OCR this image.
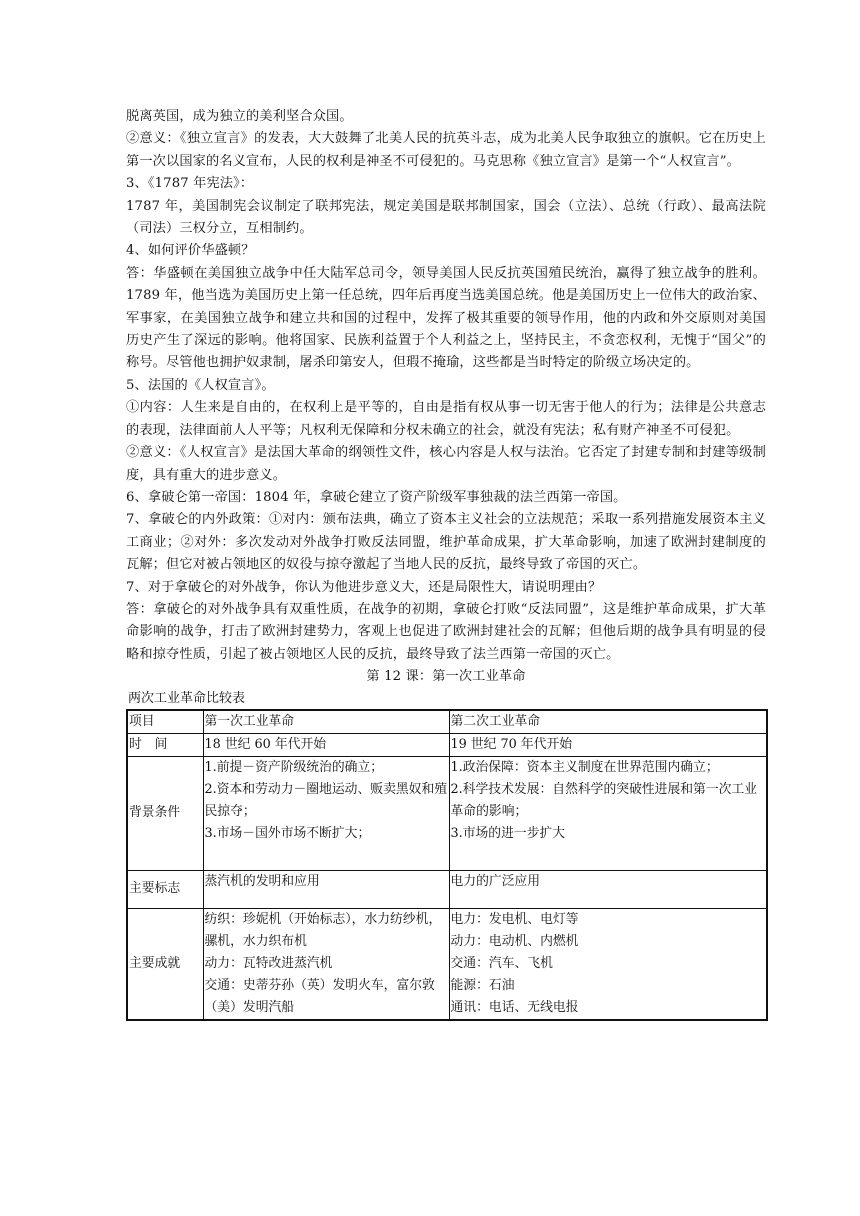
脱离英国，成为独立的美利坚合众国。

②意义：《独立宣言》的发表，大大鼓舞了北美人民的抗英斗志，成为北美人民争取独立的旗帜。它在历史上第一次以国家的名义宣布，人民的权利是神圣不可侵犯的。马克思称《独立宣言》是第一个“人权宣言”。

3、《1787 年宪法》：

1787 年，美国制宪会议制定了联邦宪法，规定美国是联邦制国家，国会（立法）、总统（行政）、最高法院（司法）三权分立，互相制约。

4、如何评价华盛顿？

答：华盛顿在美国独立战争中任大陆军总司令，领导美国人民反抗英国殖民统治，赢得了独立战争的胜利。1789 年，他当选为美国历史上第一任总统，四年后再度当选美国总统。他是美国历史上一位伟大的政治家、军事家，在美国独立战争和建立共和国的过程中，发挥了极其重要的领导作用，他的内政和外交原则对美国历史产生了深远的影响。他将国家、民族利益置于个人利益之上，坚持民主，不贪恋权利，无愧于“国父”的称号。尽管他也拥护奴隶制，屠杀印第安人，但瑕不掩瑜，这些都是当时特定的阶级立场决定的。

5、法国的《人权宣言》。

①内容：人生来是自由的，在权利上是平等的，自由是指有权从事一切无害于他人的行为；法律是公共意志的表现，法律面前人人平等；凡权利无保障和分权未确立的社会，就没有宪法；私有财产神圣不可侵犯。

②意义：《人权宣言》是法国大革命的纲领性文件，核心内容是人权与法治。它否定了封建专制和封建等级制度，具有重大的进步意义。

6、拿破仑第一帝国：1804 年，拿破仑建立了资产阶级军事独裁的法兰西第一帝国。

7、拿破仑的内外政策：①对内：颁布法典，确立了资本主义社会的立法规范；采取一系列措施发展资本主义工商业；②对外：多次发动对外战争打败反法同盟，维护革命成果，扩大革命影响，加速了欧洲封建制度的瓦解；但它对被占领地区的奴役与掠夺激起了当地人民的反抗，最终导致了帝国的灭亡。

7、对于拿破仑的对外战争，你认为他进步意义大，还是局限性大，请说明理由？

答：拿破仑的对外战争具有双重性质，在战争的初期，拿破仑打败“反法同盟”，这是维护革命成果，扩大革命影响的战争，打击了欧洲封建势力，客观上也促进了欧洲封建社会的瓦解；但他后期的战争具有明显的侵略和掠夺性质，引起了被占领地区人民的反抗，最终导致了法兰西第一帝国的灭亡。

第 12 课：第一次工业革命

两次工业革命比较表

项目	第一次工业革命	第二次工业革命
时　间	18 世纪 60 年代开始	19 世纪 70 年代开始

背景条件	1.前提－资产阶级统治的确立；
2.资本和劳动力－圈地运动、贩卖黑奴和殖民掠夺；
3.市场－国外市场不断扩大；	1.政治保障：资本主义制度在世界范围内确立；
2.科学技术发展：自然科学的突破性进展和第一次工业革命的影响；
3.市场的进一步扩大

主要标志	蒸汽机的发明和应用	电力的广泛应用

主要成就	纺织：珍妮机（开始标志），水力纺纱机，骡机，水力织布机
动力：瓦特改进蒸汽机
交通：史蒂芬孙（英）发明火车，富尔敦（美）发明汽船	电力：发电机、电灯等
动力：电动机、内燃机
交通：汽车、飞机
能源：石油
通讯：电话、无线电报
